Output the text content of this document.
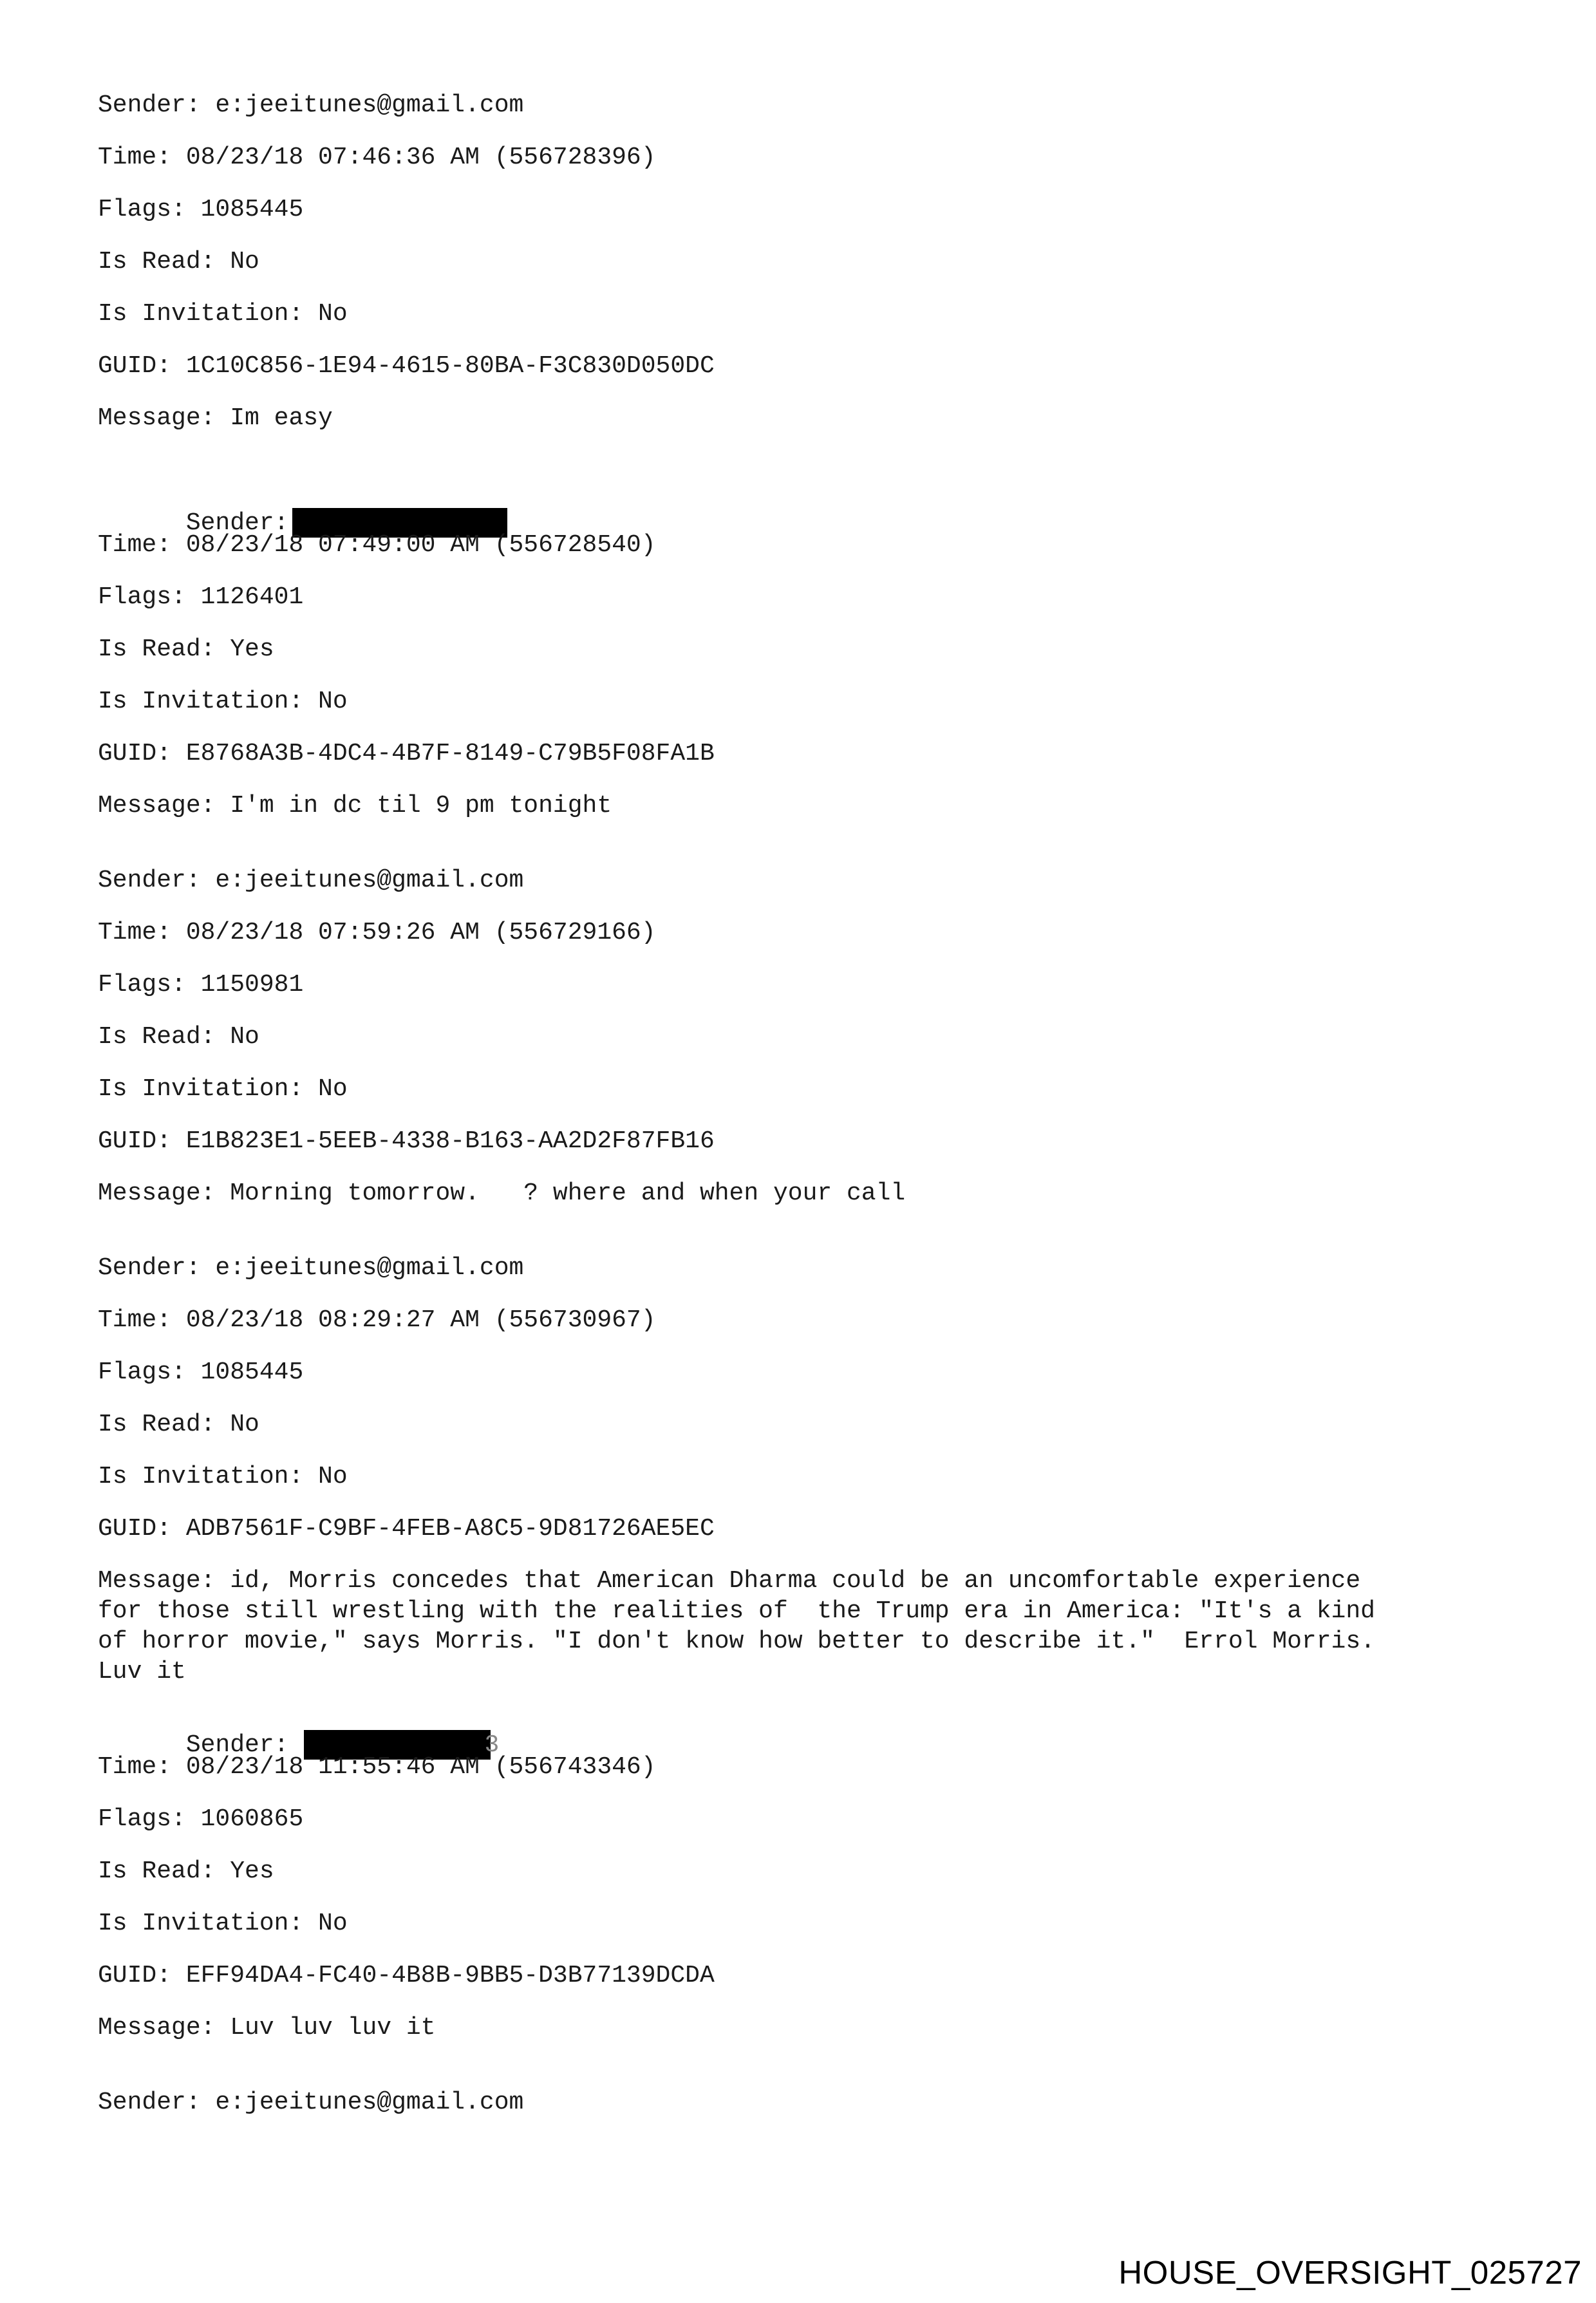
Sender: e:jeeitunes@gmail.com
Time: 08/23/18 07:46:36 AM (556728396)
Flags: 1085445
Is Read: No
Is Invitation: No
GUID: 1C10C856-1E94-4615-80BA-F3C830D050DC
Message: Im easy

Sender:

Time: 08/23/18 07:49:00 AM (556728540)
Flags: 1126401
Is Read: Yes
Is Invitation: No
GUID: E8768A3B-4DC4-4B7F-8149-C79B5F08FA1B
Message: I'm in dc til 9 pm tonight
Sender: e:jeeitunes@gmail.com
Time: 08/23/18 07:59:26 AM (556729166)
Flags: 1150981
Is Read: No
Is Invitation: No
GUID: E1B823E1-5EEB-4338-B163-AA2D2F87FB16
Message: Morning tomorrow.   ? where and when your call
Sender: e:jeeitunes@gmail.com
Time: 08/23/18 08:29:27 AM (556730967)
Flags: 1085445
Is Read: No
Is Invitation: No
GUID: ADB7561F-C9BF-4FEB-A8C5-9D81726AE5EC
Message: id, Morris concedes that American Dharma could be an uncomfortable experience
for those still wrestling with the realities of  the Trump era in America: "It's a kind
of horror movie," says Morris. "I don't know how better to describe it."  Errol Morris.
Luv it

Sender:	3

Time: 08/23/18 11:55:46 AM (556743346)
Flags: 1060865
Is Read: Yes
Is Invitation: No
GUID: EFF94DA4-FC40-4B8B-9BB5-D3B77139DCDA
Message: Luv luv luv it
Sender: e:jeeitunes@gmail.com
HOUSE_OVERSIGHT_025727
